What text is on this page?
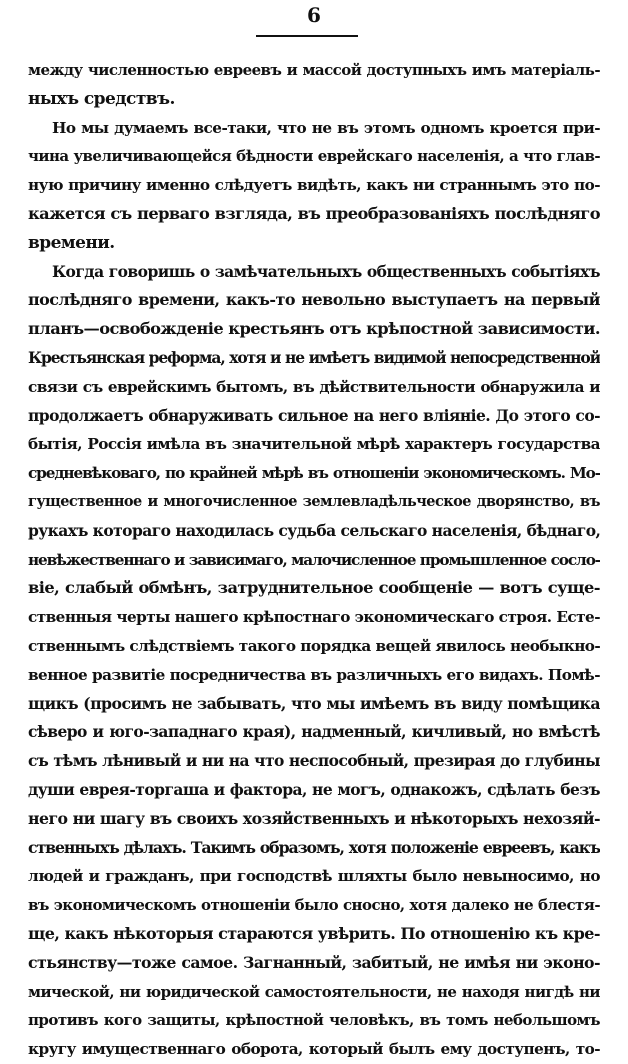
6
между численностью евреевъ и массой доступныхъ имъ матеріаль-
ныхъ средствъ.
Но мы думаемъ все-таки, что не въ этомъ одномъ кроется при-
чина увеличивающейся бѣдности еврейскаго населенія, а что глав-
ную причину именно слѣдуетъ видѣть, какъ ни страннымъ это по-
кажется съ перваго взгляда, въ преобразованіяхъ послѣдняго
времени.
Когда говоришь о замѣчательныхъ общественныхъ событіяхъ
послѣдняго времени, какъ-то невольно выступаетъ на первый
планъ—освобожденіе крестьянъ отъ крѣпостной зависимости.
Крестьянская реформа, хотя и не имѣетъ видимой непосредственной
связи съ еврейскимъ бытомъ, въ дѣйствительности обнаружила и
продолжаетъ обнаруживать сильное на него вліяніе. До этого со-
бытія, Россія имѣла въ значительной мѣрѣ характеръ государства
средневѣковаго, по крайней мѣрѣ въ отношеніи экономическомъ. Мо-
гущественное и многочисленное землевладѣльческое дворянство, въ
рукахъ котораго находилась судьба сельскаго населенія, бѣднаго,
невѣжественнаго и зависимаго, малочисленное промышленное сосло-
віе, слабый обмѣнъ, затруднительное сообщеніе — вотъ суще-
ственныя черты нашего крѣпостнаго экономическаго строя. Есте-
ственнымъ слѣдствіемъ такого порядка вещей явилось необыкно-
венное развитіе посредничества въ различныхъ его видахъ. Помѣ-
щикъ (просимъ не забывать, что мы имѣемъ въ виду помѣщика
сѣверо и юго-западнаго края), надменный, кичливый, но вмѣстѣ
съ тѣмъ лѣнивый и ни на что неспособный, презирая до глубины
души еврея-торгаша и фактора, не могъ, однакожъ, сдѣлать безъ
него ни шагу въ своихъ хозяйственныхъ и нѣкоторыхъ нехозяй-
ственныхъ дѣлахъ. Такимъ образомъ, хотя положеніе евреевъ, какъ
людей и гражданъ, при господствѣ шляхты было невыносимо, но
въ экономическомъ отношеніи было сносно, хотя далеко не блестя-
ще, какъ нѣкоторыя стараются увѣрить. По отношенію къ кре-
стьянству—тоже самое. Загнанный, забитый, не имѣя ни эконо-
мической, ни юридической самостоятельности, не находя нигдѣ ни
противъ кого защиты, крѣпостной человѣкъ, въ томъ небольшомъ
кругу имущественнаго оборота, который былъ ему доступенъ, то-
